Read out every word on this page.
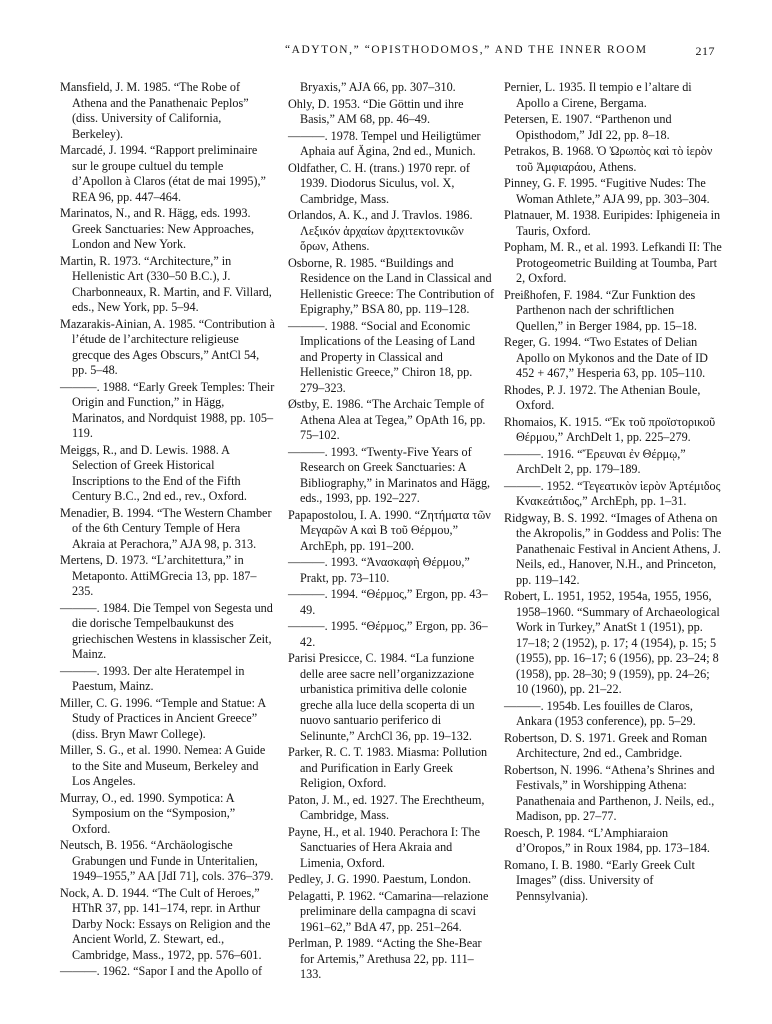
“ADYTON,” “OPISTHODOMOS,” AND THE INNER ROOM	217
Mansfield, J. M. 1985. “The Robe of Athena and the Panathenaic Peplos” (diss. University of California, Berkeley).
Marcadé, J. 1994. “Rapport preliminaire sur le groupe cultuel du temple d’Apollon à Claros (état de mai 1995),” REA 96, pp. 447–464.
Marinatos, N., and R. Hägg, eds. 1993. Greek Sanctuaries: New Approaches, London and New York.
Martin, R. 1973. “Architecture,” in Hellenistic Art (330–50 B.C.), J. Charbonneaux, R. Martin, and F. Villard, eds., New York, pp. 5–94.
Mazarakis-Ainian, A. 1985. “Contribution à l’étude de l’architecture religieuse grecque des Ages Obscurs,” AntCl 54, pp. 5–48.
———. 1988. “Early Greek Temples: Their Origin and Function,” in Hägg, Marinatos, and Nordquist 1988, pp. 105–119.
Meiggs, R., and D. Lewis. 1988. A Selection of Greek Historical Inscriptions to the End of the Fifth Century B.C., 2nd ed., rev., Oxford.
Menadier, B. 1994. “The Western Chamber of the 6th Century Temple of Hera Akraia at Perachora,” AJA 98, p. 313.
Mertens, D. 1973. “L’architettura,” in Metaponto. AttiMGrecia 13, pp. 187–235.
———. 1984. Die Tempel von Segesta und die dorische Tempelbaukunst des griechischen Westens in klassischer Zeit, Mainz.
———. 1993. Der alte Heratempel in Paestum, Mainz.
Miller, C. G. 1996. “Temple and Statue: A Study of Practices in Ancient Greece” (diss. Bryn Mawr College).
Miller, S. G., et al. 1990. Nemea: A Guide to the Site and Museum, Berkeley and Los Angeles.
Murray, O., ed. 1990. Sympotica: A Symposium on the “Symposion,” Oxford.
Neutsch, B. 1956. “Archäologische Grabungen und Funde in Unteritalien, 1949–1955,” AA [JdI 71], cols. 376–379.
Nock, A. D. 1944. “The Cult of Heroes,” HThR 37, pp. 141–174, repr. in Arthur Darby Nock: Essays on Religion and the Ancient World, Z. Stewart, ed., Cambridge, Mass., 1972, pp. 576–601.
———. 1962. “Sapor I and the Apollo of
Bryaxis,” AJA 66, pp. 307–310.
Ohly, D. 1953. “Die Göttin und ihre Basis,” AM 68, pp. 46–49.
———. 1978. Tempel und Heiligtümer Aphaia auf Ägina, 2nd ed., Munich.
Oldfather, C. H. (trans.) 1970 repr. of 1939. Diodorus Siculus, vol. X, Cambridge, Mass.
Orlandos, A. K., and J. Travlos. 1986. Λεξικόν ἀρχαίων ἀρχιτεκτονικῶν ὅρων, Athens.
Osborne, R. 1985. “Buildings and Residence on the Land in Classical and Hellenistic Greece: The Contribution of Epigraphy,” BSA 80, pp. 119–128.
———. 1988. “Social and Economic Implications of the Leasing of Land and Property in Classical and Hellenistic Greece,” Chiron 18, pp. 279–323.
Østby, E. 1986. “The Archaic Temple of Athena Alea at Tegea,” OpAth 16, pp. 75–102.
———. 1993. “Twenty-Five Years of Research on Greek Sanctuaries: A Bibliography,” in Marinatos and Hägg, eds., 1993, pp. 192–227.
Papapostolou, I. A. 1990. “Ζητήματα τῶν Μεγαρῶν Α καὶ Β τοῦ Θέρμου,” ArchEph, pp. 191–200.
———. 1993. “Ἀνασκαφὴ Θέρμου,” Prakt, pp. 73–110.
———. 1994. “Θέρμος,” Ergon, pp. 43–49.
———. 1995. “Θέρμος,” Ergon, pp. 36–42.
Parisi Presicce, C. 1984. “La funzione delle aree sacre nell’organizzazione urbanistica primitiva delle colonie greche alla luce della scoperta di un nuovo santuario periferico di Selinunte,” ArchCl 36, pp. 19–132.
Parker, R. C. T. 1983. Miasma: Pollution and Purification in Early Greek Religion, Oxford.
Paton, J. M., ed. 1927. The Erechtheum, Cambridge, Mass.
Payne, H., et al. 1940. Perachora I: The Sanctuaries of Hera Akraia and Limenia, Oxford.
Pedley, J. G. 1990. Paestum, London.
Pelagatti, P. 1962. “Camarina—relazione preliminare della campagna di scavi 1961–62,” BdA 47, pp. 251–264.
Perlman, P. 1989. “Acting the She-Bear for Artemis,” Arethusa 22, pp. 111–133.
Pernier, L. 1935. Il tempio e l’altare di Apollo a Cirene, Bergama.
Petersen, E. 1907. “Parthenon und Opisthodom,” JdI 22, pp. 8–18.
Petrakos, B. 1968. Ὁ Ὠρωπὸς καὶ τὸ ἱερὸν τοῦ Ἀμφιαράου, Athens.
Pinney, G. F. 1995. “Fugitive Nudes: The Woman Athlete,” AJA 99, pp. 303–304.
Platnauer, M. 1938. Euripides: Iphigeneia in Tauris, Oxford.
Popham, M. R., et al. 1993. Lefkandi II: The Protogeometric Building at Toumba, Part 2, Oxford.
Preißhofen, F. 1984. “Zur Funktion des Parthenon nach der schriftlichen Quellen,” in Berger 1984, pp. 15–18.
Reger, G. 1994. “Two Estates of Delian Apollo on Mykonos and the Date of ID 452 + 467,” Hesperia 63, pp. 105–110.
Rhodes, P. J. 1972. The Athenian Boule, Oxford.
Rhomaios, K. 1915. “Ἐκ τοῦ προϊστορικοῦ Θέρμου,” ArchDelt 1, pp. 225–279.
———. 1916. “Ἔρευναι ἐν Θέρμῳ,” ArchDelt 2, pp. 179–189.
———. 1952. “Τεγεατικὸν ἱερὸν Ἀρτέμιδος Κνακεάτιδος,” ArchEph, pp. 1–31.
Ridgway, B. S. 1992. “Images of Athena on the Akropolis,” in Goddess and Polis: The Panathenaic Festival in Ancient Athens, J. Neils, ed., Hanover, N.H., and Princeton, pp. 119–142.
Robert, L. 1951, 1952, 1954a, 1955, 1956, 1958–1960. “Summary of Archaeological Work in Turkey,” AnatSt 1 (1951), pp. 17–18; 2 (1952), p. 17; 4 (1954), p. 15; 5 (1955), pp. 16–17; 6 (1956), pp. 23–24; 8 (1958), pp. 28–30; 9 (1959), pp. 24–26; 10 (1960), pp. 21–22.
———. 1954b. Les fouilles de Claros, Ankara (1953 conference), pp. 5–29.
Robertson, D. S. 1971. Greek and Roman Architecture, 2nd ed., Cambridge.
Robertson, N. 1996. “Athena’s Shrines and Festivals,” in Worshipping Athena: Panathenaia and Parthenon, J. Neils, ed., Madison, pp. 27–77.
Roesch, P. 1984. “L’Amphiaraion d’Oropos,” in Roux 1984, pp. 173–184.
Romano, I. B. 1980. “Early Greek Cult Images” (diss. University of Pennsylvania).
